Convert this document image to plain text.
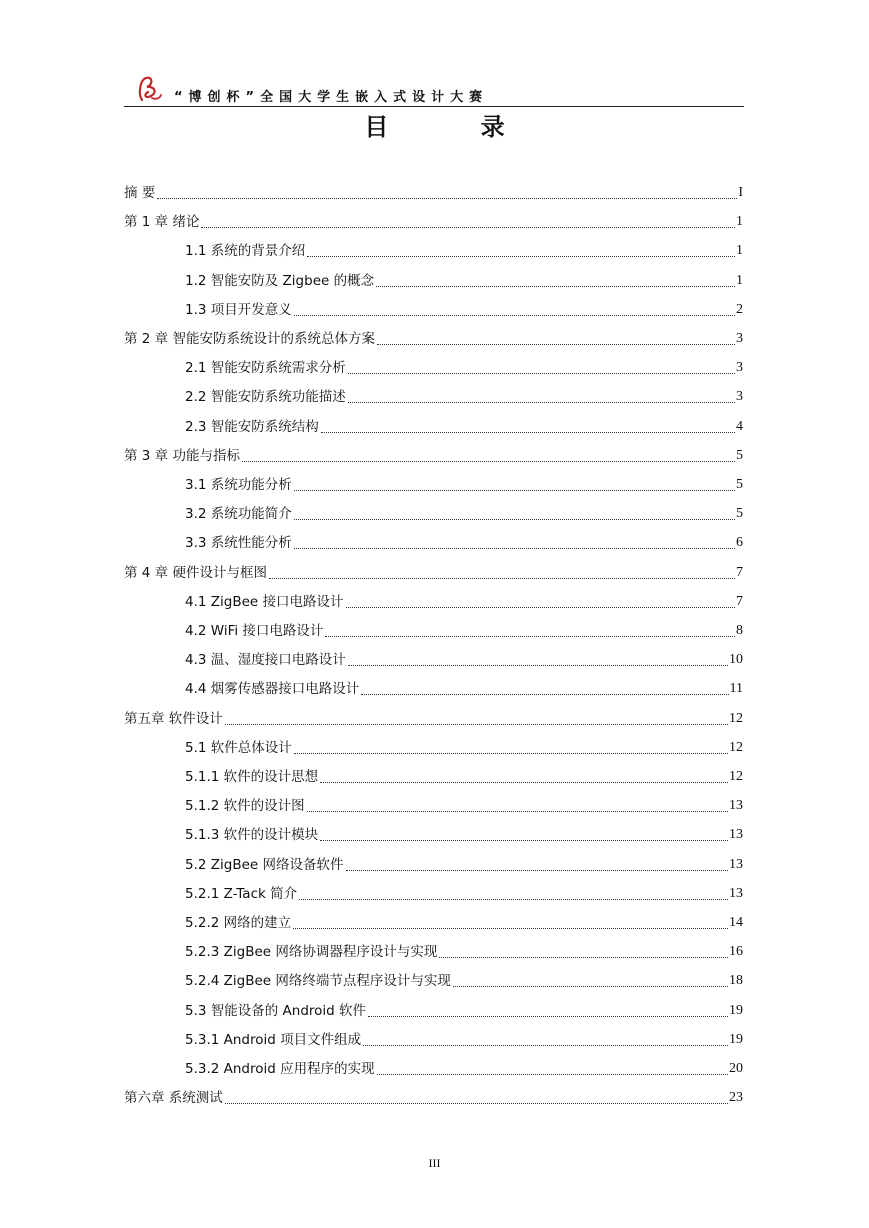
“博创杯”全国大学生嵌入式设计大赛
目 录
摘 要	I
第 1 章 绪论	1
1.1 系统的背景介绍	1
1.2 智能安防及 Zigbee 的概念	1
1.3 项目开发意义	2
第 2 章 智能安防系统设计的系统总体方案	3
2.1 智能安防系统需求分析	3
2.2 智能安防系统功能描述	3
2.3 智能安防系统结构	4
第 3 章 功能与指标	5
3.1 系统功能分析	5
3.2 系统功能简介	5
3.3 系统性能分析	6
第 4 章 硬件设计与框图	7
4.1 ZigBee 接口电路设计	7
4.2 WiFi 接口电路设计	8
4.3 温、湿度接口电路设计	10
4.4 烟雾传感器接口电路设计	11
第五章 软件设计	12
5.1 软件总体设计	12
5.1.1 软件的设计思想	12
5.1.2 软件的设计图	13
5.1.3 软件的设计模块	13
5.2 ZigBee 网络设备软件	13
5.2.1 Z-Tack 简介	13
5.2.2 网络的建立	14
5.2.3 ZigBee 网络协调器程序设计与实现	16
5.2.4 ZigBee 网络终端节点程序设计与实现	18
5.3 智能设备的 Android 软件	19
5.3.1 Android 项目文件组成	19
5.3.2 Android 应用程序的实现	20
第六章 系统测试	23
III
